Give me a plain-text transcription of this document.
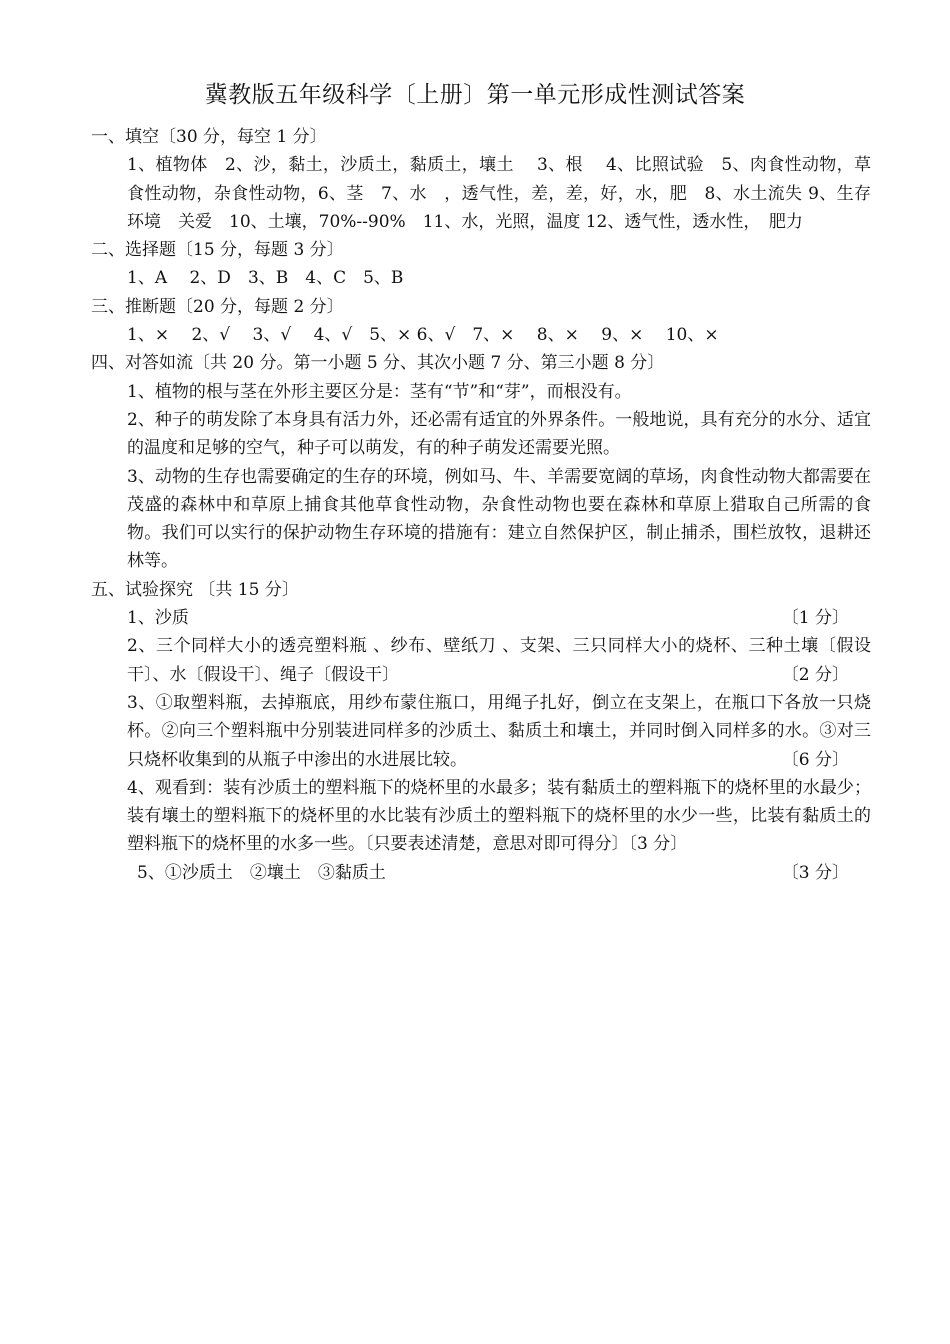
冀教版五年级科学〔上册〕第一单元形成性测试答案
一、填空〔30 分，每空 1 分〕
1、植物体　2、沙，黏土，沙质土，黏质土，壤土　 3、根　 4、比照试验　5、肉食性动物，草食性动物，杂食性动物，6、茎　7、水　，透气性，差，差，好，水，肥　8、水土流失 9、生存环境　关爱　10、土壤，70%--90%　11、水，光照，温度 12、透气性，透水性，　肥力
二、选择题〔15 分，每题 3 分〕
1、A　 2、D　3、B　4、C　5、B
三、推断题〔20 分，每题 2 分〕
1、×　 2、√　 3、√　 4、√　5、× 6、√　7、×　 8、×　 9、×　 10、×
四、对答如流〔共 20 分。第一小题 5 分、其次小题 7 分、第三小题 8 分〕
1、植物的根与茎在外形主要区分是：茎有“节”和“芽”，而根没有。
2、种子的萌发除了本身具有活力外，还必需有适宜的外界条件。一般地说，具有充分的水分、适宜的温度和足够的空气，种子可以萌发，有的种子萌发还需要光照。
3、动物的生存也需要确定的生存的环境，例如马、牛、羊需要宽阔的草场，肉食性动物大都需要在茂盛的森林中和草原上捕食其他草食性动物，杂食性动物也要在森林和草原上猎取自己所需的食物。我们可以实行的保护动物生存环境的措施有：建立自然保护区，制止捕杀，围栏放牧，退耕还林等。
五、试验探究 〔共 15 分〕
1、沙质	〔1 分〕
2、三个同样大小的透亮塑料瓶 、纱布、壁纸刀 、支架、三只同样大小的烧杯、三种土壤〔假设干〕、水〔假设干〕、绳子〔假设干〕	〔2 分〕
3、①取塑料瓶，去掉瓶底，用纱布蒙住瓶口，用绳子扎好，倒立在支架上，在瓶口下各放一只烧杯。②向三个塑料瓶中分别装进同样多的沙质土、黏质土和壤土，并同时倒入同样多的水。③对三只烧杯收集到的从瓶子中渗出的水进展比较。	〔6 分〕
4、观看到：装有沙质土的塑料瓶下的烧杯里的水最多；装有黏质土的塑料瓶下的烧杯里的水最少；装有壤土的塑料瓶下的烧杯里的水比装有沙质土的塑料瓶下的烧杯里的水少一些，比装有黏质土的塑料瓶下的烧杯里的水多一些。〔只要表述清楚，意思对即可得分〕〔3 分〕
5、①沙质土　②壤土　③黏质土	〔3 分〕
